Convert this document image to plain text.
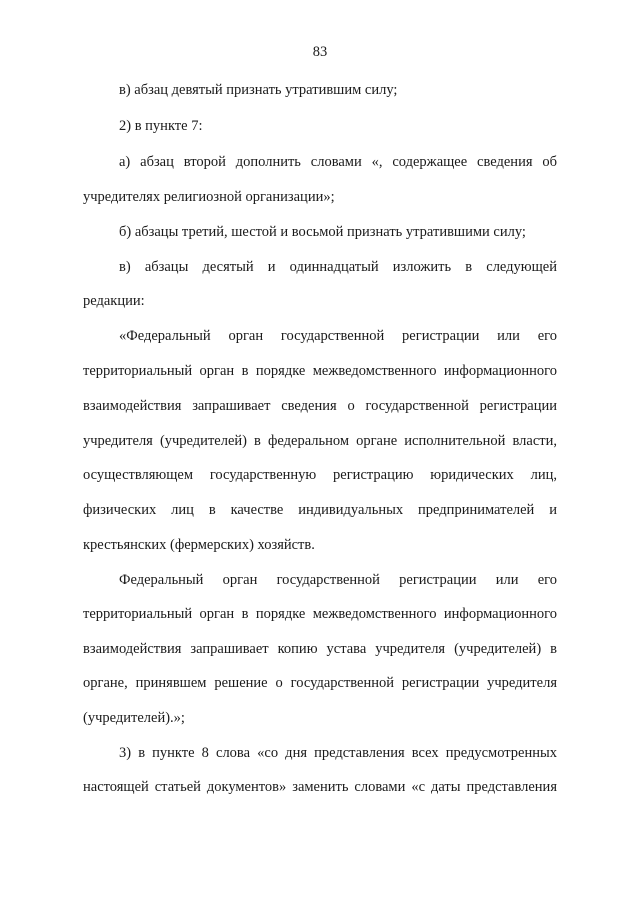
83
в) абзац девятый признать утратившим силу;
2) в пункте 7:
а) абзац второй дополнить словами «, содержащее сведения об
учредителях религиозной организации»;
б) абзацы третий, шестой и восьмой признать утратившими силу;
в) абзацы десятый и одиннадцатый изложить в следующей
редакции:
«Федеральный орган государственной регистрации или его
территориальный орган в порядке межведомственного информационного
взаимодействия запрашивает сведения о государственной регистрации
учредителя (учредителей) в федеральном органе исполнительной власти,
осуществляющем государственную регистрацию юридических лиц,
физических лиц в качестве индивидуальных предпринимателей и
крестьянских (фермерских) хозяйств.
Федеральный орган государственной регистрации или его
территориальный орган в порядке межведомственного информационного
взаимодействия запрашивает копию устава учредителя (учредителей) в
органе, принявшем решение о государственной регистрации учредителя
(учредителей).»;
3) в пункте 8 слова «со дня представления всех предусмотренных
настоящей статьей документов» заменить словами «с даты представления
